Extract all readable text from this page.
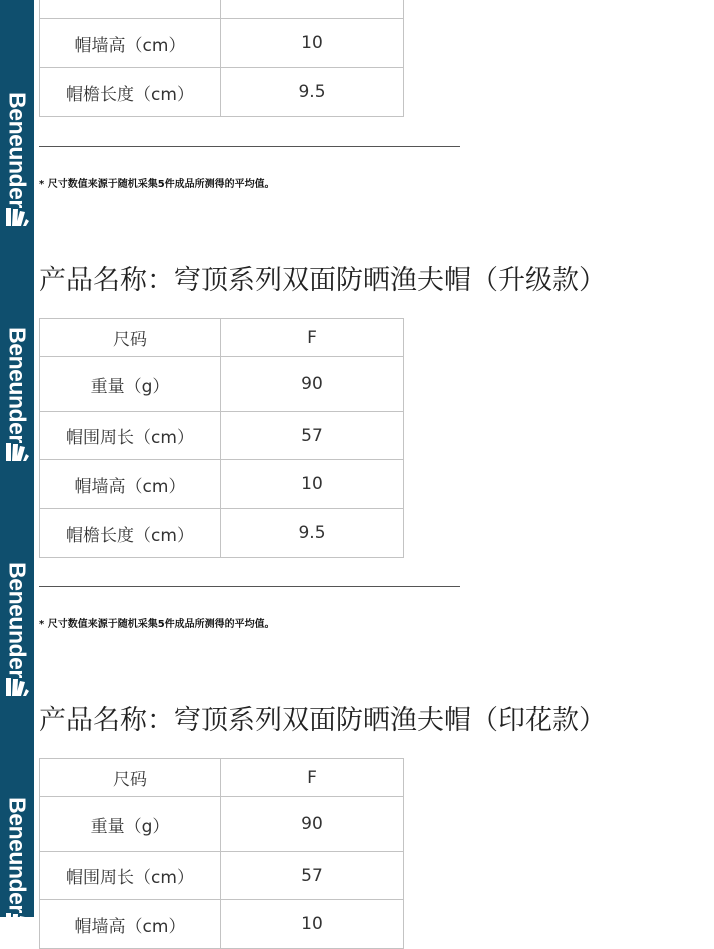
Beneunder
Beneunder
Beneunder
Beneunder

帽墙高（cm）	10
帽檐长度（cm）	9.5
* 尺寸数值来源于随机采集5件成品所测得的平均值。
产品名称：穹顶系列双面防晒渔夫帽（升级款）
尺码	F
重量（g）	90
帽围周长（cm）	57
帽墙高（cm）	10
帽檐长度（cm）	9.5
* 尺寸数值来源于随机采集5件成品所测得的平均值。
产品名称：穹顶系列双面防晒渔夫帽（印花款）
尺码	F
重量（g）	90
帽围周长（cm）	57
帽墙高（cm）	10
